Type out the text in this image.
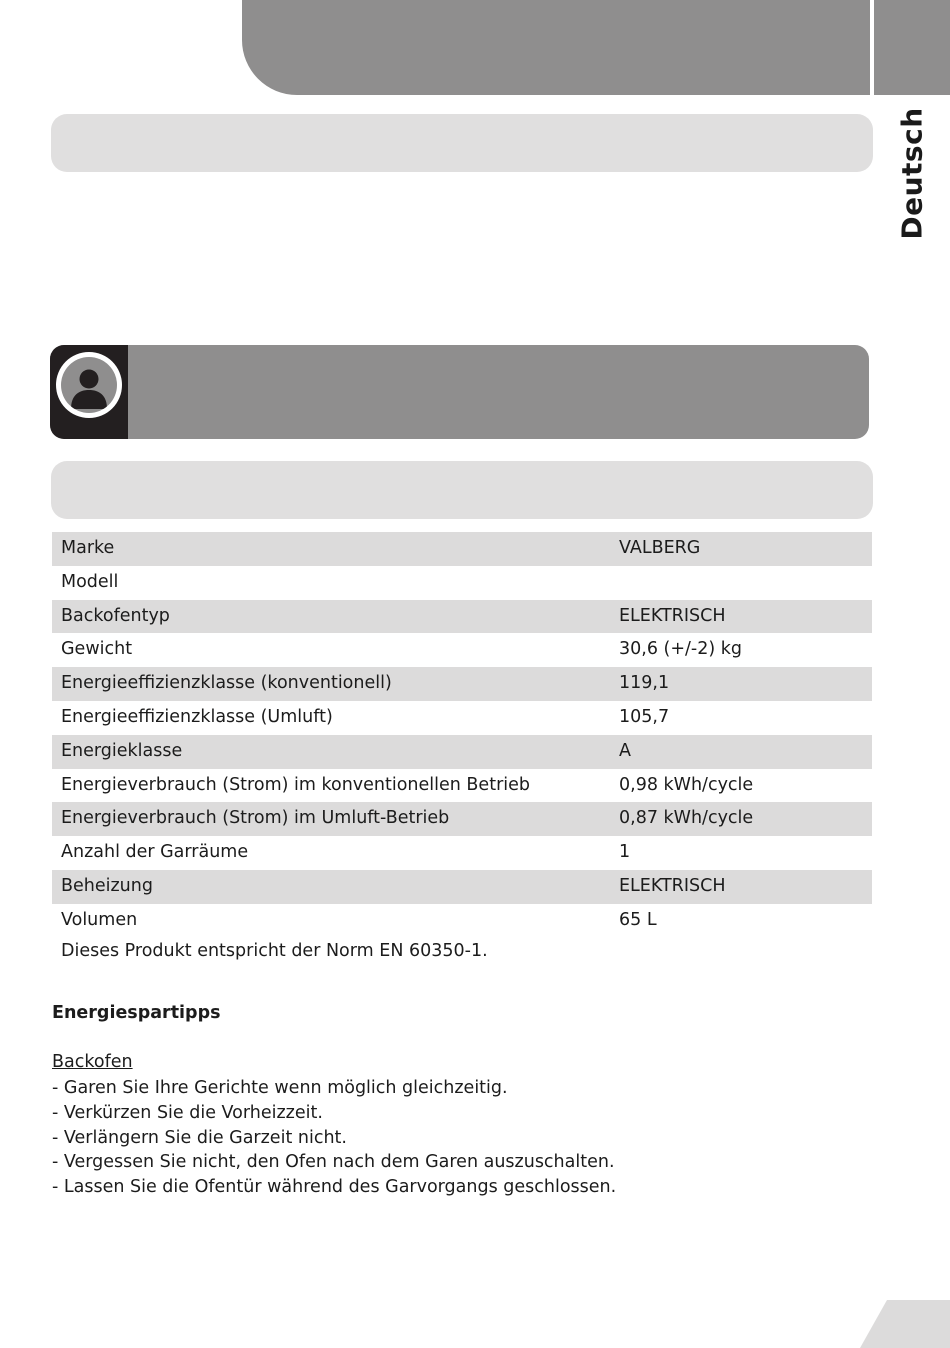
Deutsch
Marke	VALBERG
Modell
Backofentyp	ELEKTRISCH
Gewicht	30,6 (+/-2) kg
Energieeffizienzklasse (konventionell)	119,1
Energieeffizienzklasse (Umluft)	105,7
Energieklasse	A
Energieverbrauch (Strom) im konventionellen Betrieb	0,98 kWh/cycle
Energieverbrauch (Strom) im Umluft-Betrieb	0,87 kWh/cycle
Anzahl der Garräume	1
Beheizung	ELEKTRISCH
Volumen	65 L
Dieses Produkt entspricht der Norm EN 60350-1.
Energiespartipps
Backofen
- Garen Sie Ihre Gerichte wenn möglich gleichzeitig.
- Verkürzen Sie die Vorheizzeit.
- Verlängern Sie die Garzeit nicht.
- Vergessen Sie nicht, den Ofen nach dem Garen auszuschalten.
- Lassen Sie die Ofentür während des Garvorgangs geschlossen.
